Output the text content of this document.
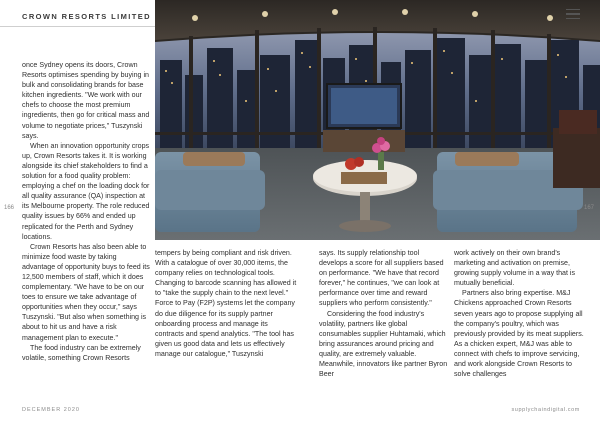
CROWN RESORTS LIMITED
166	167

once Sydney opens its doors, Crown Resorts optimises spending by buying in bulk and consolidating brands for base kitchen ingredients. "We work with our chefs to choose the most premium ingredients, then go for critical mass and volume to negotiate prices," Tuszynski says.

When an innovation opportunity crops up, Crown Resorts takes it. It is working alongside its chief stakeholders to find a solution for a food quality problem: employing a chef on the loading dock for all quality assurance (QA) inspection at its Melbourne property. The role reduced quality issues by 66% and ended up replicated for the Perth and Sydney locations.

Crown Resorts has also been able to minimize food waste by taking advantage of opportunity buys to feed its 12,500 members of staff, which it does complementary. "We have to be on our toes to ensure we take advantage of opportunities when they occur," says Tuszynski. "But also when something is about to hit us and have a risk management plan to execute."

The food industry can be extremely volatile, something Crown Resorts

tempers by being compliant and risk driven. With a catalogue of over 30,000 items, the company relies on technological tools. Changing to barcode scanning has allowed it to "take the supply chain to the next level." Force to Pay (F2P) systems let the company do due diligence for its supply partner onboarding process and manage its contracts and spend analytics. "The tool has given us good data and lets us effectively manage our catalogue," Tuszynski

says. Its supply relationship tool develops a score for all suppliers based on performance. "We have that record forever," he continues, "we can look at performance over time and reward suppliers who perform consistently."

Considering the food industry's volatility, partners like global consumables supplier Huhtamaki, which bring assurances around pricing and quality, are extremely valuable. Meanwhile, innovators like partner Byron Beer

work actively on their own brand's marketing and activation on premise, growing supply volume in a way that is mutually beneficial.

Partners also bring expertise. M&J Chickens approached Crown Resorts seven years ago to propose supplying all the company's poultry, which was previously provided by its meat suppliers. As a chicken expert, M&J was able to connect with chefs to improve servicing, and work alongside Crown Resorts to solve challenges

DECEMBER 2020	supplychaindigital.com
